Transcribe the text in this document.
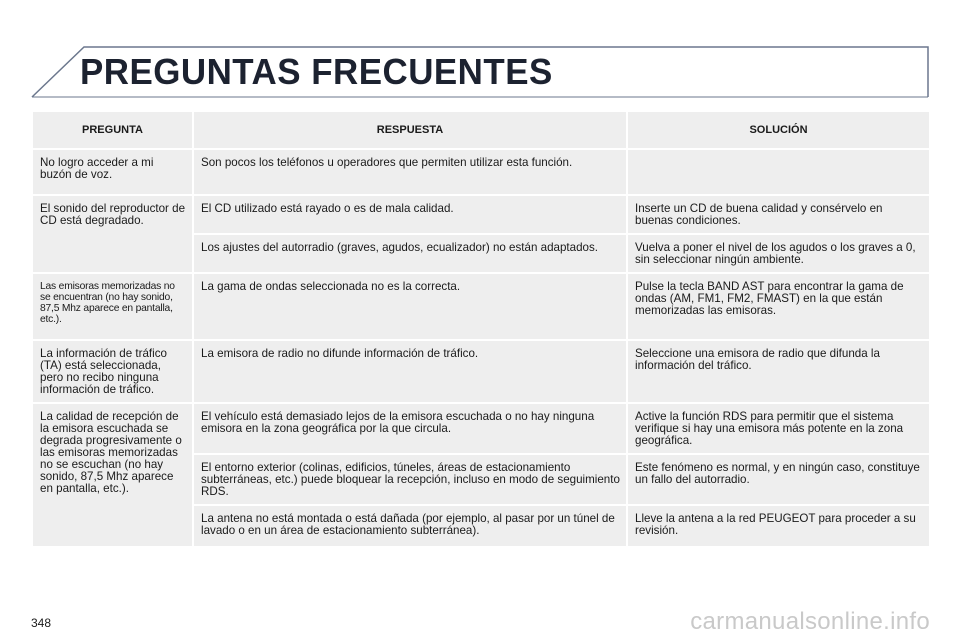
PREGUNTAS FRECUENTES
PREGUNTA	RESPUESTA	SOLUCIÓN
No logro acceder a mi buzón de voz.	Son pocos los teléfonos u operadores que permiten utilizar esta función.	
El sonido del reproductor de CD está degradado.	El CD utilizado está rayado o es de mala calidad.	Inserte un CD de buena calidad y consérvelo en buenas condiciones.
	Los ajustes del autorradio (graves, agudos, ecualizador) no están adaptados.	Vuelva a poner el nivel de los agudos o los graves a 0, sin seleccionar ningún ambiente.
Las emisoras memorizadas no se encuentran (no hay sonido, 87,5 Mhz aparece en pantalla, etc.).	La gama de ondas seleccionada no es la correcta.	Pulse la tecla BAND AST para encontrar la gama de ondas (AM, FM1, FM2, FMAST) en la que están memorizadas las emisoras.
La información de tráfico (TA) está seleccionada, pero no recibo ninguna información de tráfico.	La emisora de radio no difunde información de tráfico.	Seleccione una emisora de radio que difunda la información del tráfico.
La calidad de recepción de la emisora escuchada se degrada progresivamente o las emisoras memorizadas no se escuchan (no hay sonido, 87,5 Mhz aparece en pantalla, etc.).	El vehículo está demasiado lejos de la emisora escuchada o no hay ninguna emisora en la zona geográfica por la que circula.	Active la función RDS para permitir que el sistema verifique si hay una emisora más potente en la zona geográfica.
	El entorno exterior (colinas, edificios, túneles, áreas de estacionamiento subterráneas, etc.) puede bloquear la recepción, incluso en modo de seguimiento RDS.	Este fenómeno es normal, y en ningún caso, constituye un fallo del autorradio.
	La antena no está montada o está dañada (por ejemplo, al pasar por un túnel de lavado o en un área de estacionamiento subterránea).	Lleve la antena a la red PEUGEOT para proceder a su revisión.
348	carmanualsonline.info
